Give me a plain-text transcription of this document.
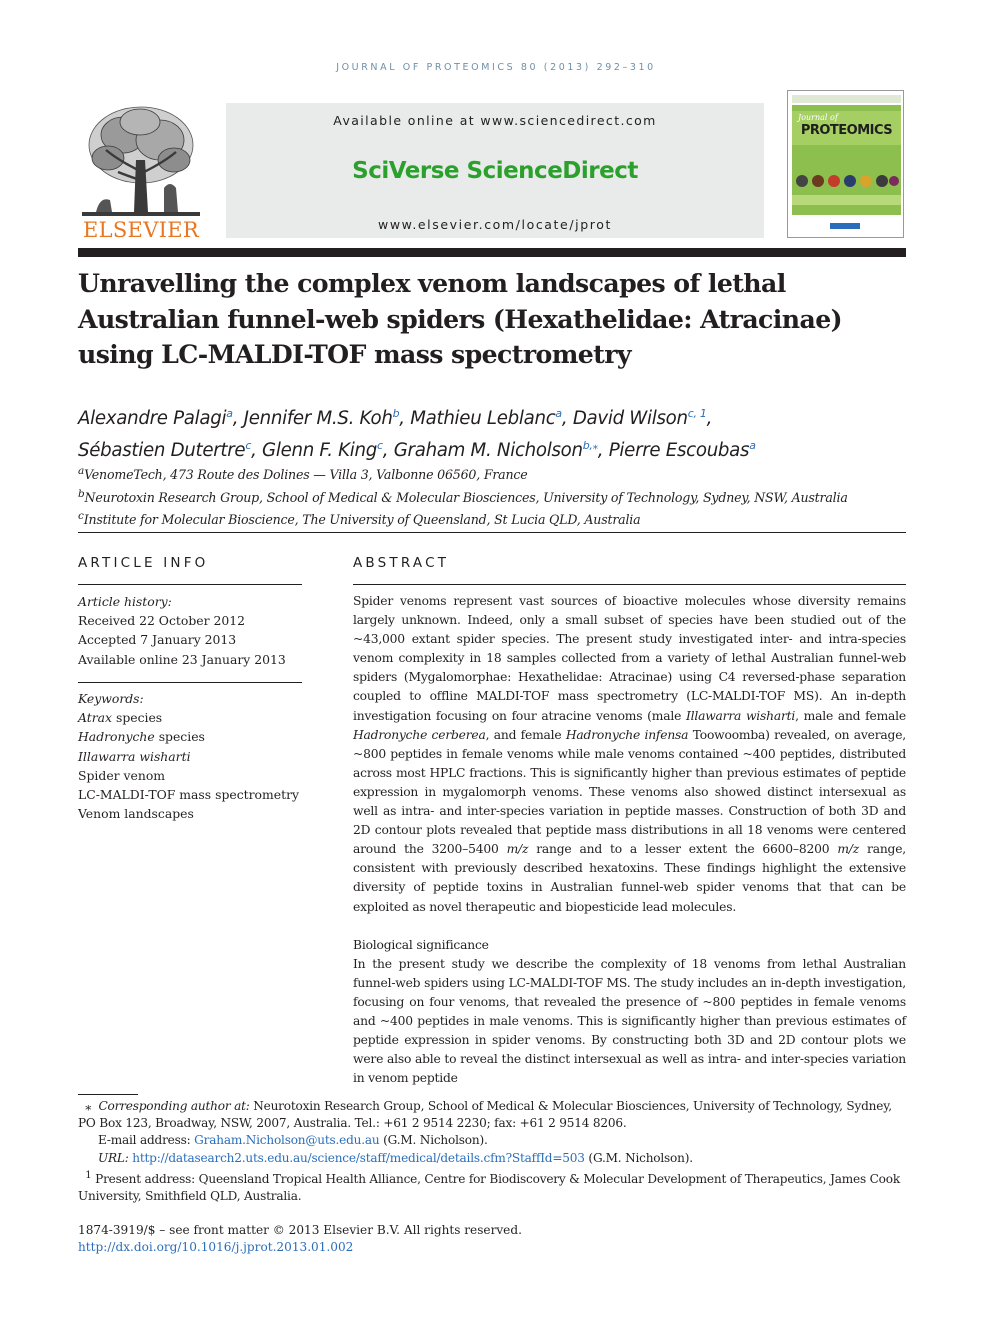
JOURNAL OF PROTEOMICS 80 (2013) 292–310
ELSEVIER
Available online at www.sciencedirect.com
SciVerse ScienceDirect
www.elsevier.com/locate/jprot
Journal of
PROTEOMICS
Unravelling the complex venom landscapes of lethal Australian funnel-web spiders (Hexathelidae: Atracinae) using LC-MALDI-TOF mass spectrometry
Alexandre Palagi$^a$, Jennifer M.S. Koh$^b$, Mathieu Leblanc$^a$, David Wilson$^{c, 1}$,
Sébastien Dutertre$^c$, Glenn F. King$^c$, Graham M. Nicholson$^{b,⁎}$, Pierre Escoubas$^a$
$^a$VenomeTech, 473 Route des Dolines — Villa 3, Valbonne 06560, France
$^b$Neurotoxin Research Group, School of Medical & Molecular Biosciences, University of Technology, Sydney, NSW, Australia
$^c$Institute for Molecular Bioscience, The University of Queensland, St Lucia QLD, Australia
ARTICLE INFO
Article history:
Received 22 October 2012
Accepted 7 January 2013
Available online 23 January 2013
Keywords:
Atrax species
Hadronyche species
Illawarra wisharti
Spider venom
LC-MALDI-TOF mass spectrometry
Venom landscapes
ABSTRACT

Spider venoms represent vast sources of bioactive molecules whose diversity remains largely unknown. Indeed, only a small subset of species have been studied out of the ~43,000 extant spider species. The present study investigated inter- and intra-species venom complexity in 18 samples collected from a variety of lethal Australian funnel-web spiders (Mygalomorphae: Hexathelidae: Atracinae) using C4 reversed-phase separation coupled to offline MALDI-TOF mass spectrometry (LC-MALDI-TOF MS). An in-depth investigation focusing on four atracine venoms (male Illawarra wisharti, male and female Hadronyche cerberea, and female Hadronyche infensa Toowoomba) revealed, on average, ~800 peptides in female venoms while male venoms contained ~400 peptides, distributed across most HPLC fractions. This is significantly higher than previous estimates of peptide expression in mygalomorph venoms. These venoms also showed distinct intersexual as well as intra- and inter-species variation in peptide masses. Construction of both 3D and 2D contour plots revealed that peptide mass distributions in all 18 venoms were centered around the 3200–5400 m/z range and to a lesser extent the 6600–8200 m/z range, consistent with previously described hexatoxins. These findings highlight the extensive diversity of peptide toxins in Australian funnel-web spider venoms that that can be exploited as novel therapeutic and biopesticide lead molecules.

Biological significance

In the present study we describe the complexity of 18 venoms from lethal Australian funnel-web spiders using LC-MALDI-TOF MS. The study includes an in-depth investigation, focusing on four venoms, that revealed the presence of ~800 peptides in female venoms and ~400 peptides in male venoms. This is significantly higher than previous estimates of peptide expression in spider venoms. By constructing both 3D and 2D contour plots we were also able to reveal the distinct intersexual as well as intra- and inter-species variation in venom peptide

⁎ Corresponding author at: Neurotoxin Research Group, School of Medical & Molecular Biosciences, University of Technology, Sydney, PO Box 123, Broadway, NSW, 2007, Australia. Tel.: +61 2 9514 2230; fax: +61 2 9514 8206.
E-mail address: Graham.Nicholson@uts.edu.au (G.M. Nicholson).
URL: http://datasearch2.uts.edu.au/science/staff/medical/details.cfm?StaffId=503 (G.M. Nicholson).
$^1$ Present address: Queensland Tropical Health Alliance, Centre for Biodiscovery & Molecular Development of Therapeutics, James Cook University, Smithfield QLD, Australia.
1874-3919/$ – see front matter © 2013 Elsevier B.V. All rights reserved.
http://dx.doi.org/10.1016/j.jprot.2013.01.002
